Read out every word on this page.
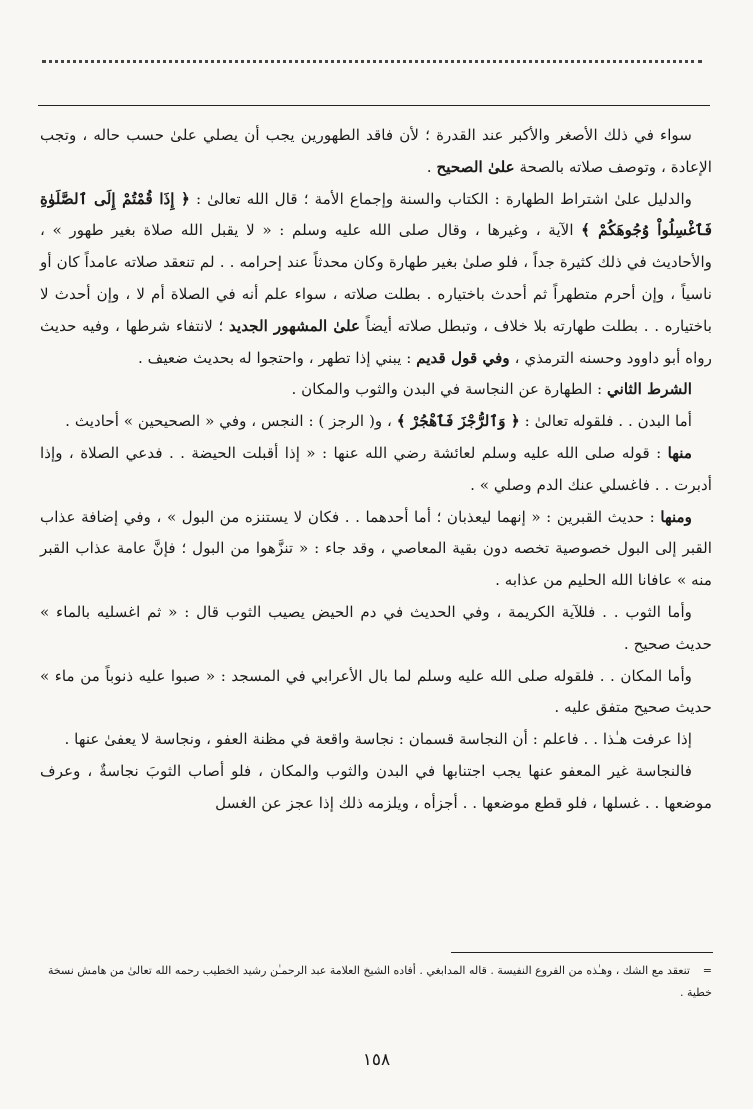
سواء في ذلك الأصغر والأكبر عند القدرة ؛ لأن فاقد الطهورين يجب أن يصلي علىٰ حسب حاله ، وتجب الإعادة ، وتوصف صلاته بالصحة علىٰ الصحيح .

والدليل علىٰ اشتراط الطهارة : الكتاب والسنة وإجماع الأمة ؛ قال الله تعالىٰ : ﴿ إِذَا قُمْتُمْ إِلَى ٱلصَّلَوٰةِ فَٱغْسِلُواْ وُجُوهَكُمْ ﴾ الآية ، وغيرها ، وقال صلى الله عليه وسلم : « لا يقبل الله صلاة بغير طهور » ، والأحاديث في ذلك كثيرة جداً ، فلو صلىٰ بغير طهارة وكان محدثاً عند إحرامه . . لم تنعقد صلاته عامداً كان أو ناسياً ، وإن أحرم متطهراً ثم أحدث باختياره . بطلت صلاته ، سواء علم أنه في الصلاة أم لا ، وإن أحدث لا باختياره . . بطلت طهارته بلا خلاف ، وتبطل صلاته أيضاً علىٰ المشهور الجديد ؛ لانتفاء شرطها ، وفيه حديث رواه أبو داوود وحسنه الترمذي ، وفي قول قديم : يبني إذا تطهر ، واحتجوا له بحديث ضعيف .

الشرط الثاني : الطهارة عن النجاسة في البدن والثوب والمكان .

أما البدن . . فلقوله تعالىٰ : ﴿ وَٱلرُّجْزَ فَٱهْجُرْ ﴾ ، و( الرجز ) : النجس ، وفي « الصحيحين » أحاديث .

منها : قوله صلى الله عليه وسلم لعائشة رضي الله عنها : « إذا أقبلت الحيضة . . فدعي الصلاة ، وإذا أدبرت . . فاغسلي عنك الدم وصلي » .

ومنها : حديث القبرين : « إنهما ليعذبان ؛ أما أحدهما . . فكان لا يستنزه من البول » ، وفي إضافة عذاب القبر إلى البول خصوصية تخصه دون بقية المعاصي ، وقد جاء : « تنزَّهوا من البول ؛ فإنَّ عامة عذاب القبر منه » عافانا الله الحليم من عذابه .

وأما الثوب . . فللآية الكريمة ، وفي الحديث في دم الحيض يصيب الثوب قال : « ثم اغسليه بالماء » حديث صحيح .

وأما المكان . . فلقوله صلى الله عليه وسلم لما بال الأعرابي في المسجد : « صبوا عليه ذنوباً من ماء » حديث صحيح متفق عليه .

إذا عرفت هـٰذا . . فاعلم : أن النجاسة قسمان : نجاسة واقعة في مظنة العفو ، ونجاسة لا يعفىٰ عنها .

فالنجاسة غير المعفو عنها يجب اجتنابها في البدن والثوب والمكان ، فلو أصاب الثوبَ نجاسةٌ ، وعرف موضعها . . غسلها ، فلو قطع موضعها . . أجزأه ، ويلزمه ذلك إذا عجز عن الغسل

=تنعقد مع الشك ، وهـٰذه من الفروع النفيسة . قاله المدابغي . أفاده الشيخ العلامة عبد الرحمـٰن رشيد الخطيب رحمه الله تعالىٰ من هامش نسخة خطية .
١٥٨
